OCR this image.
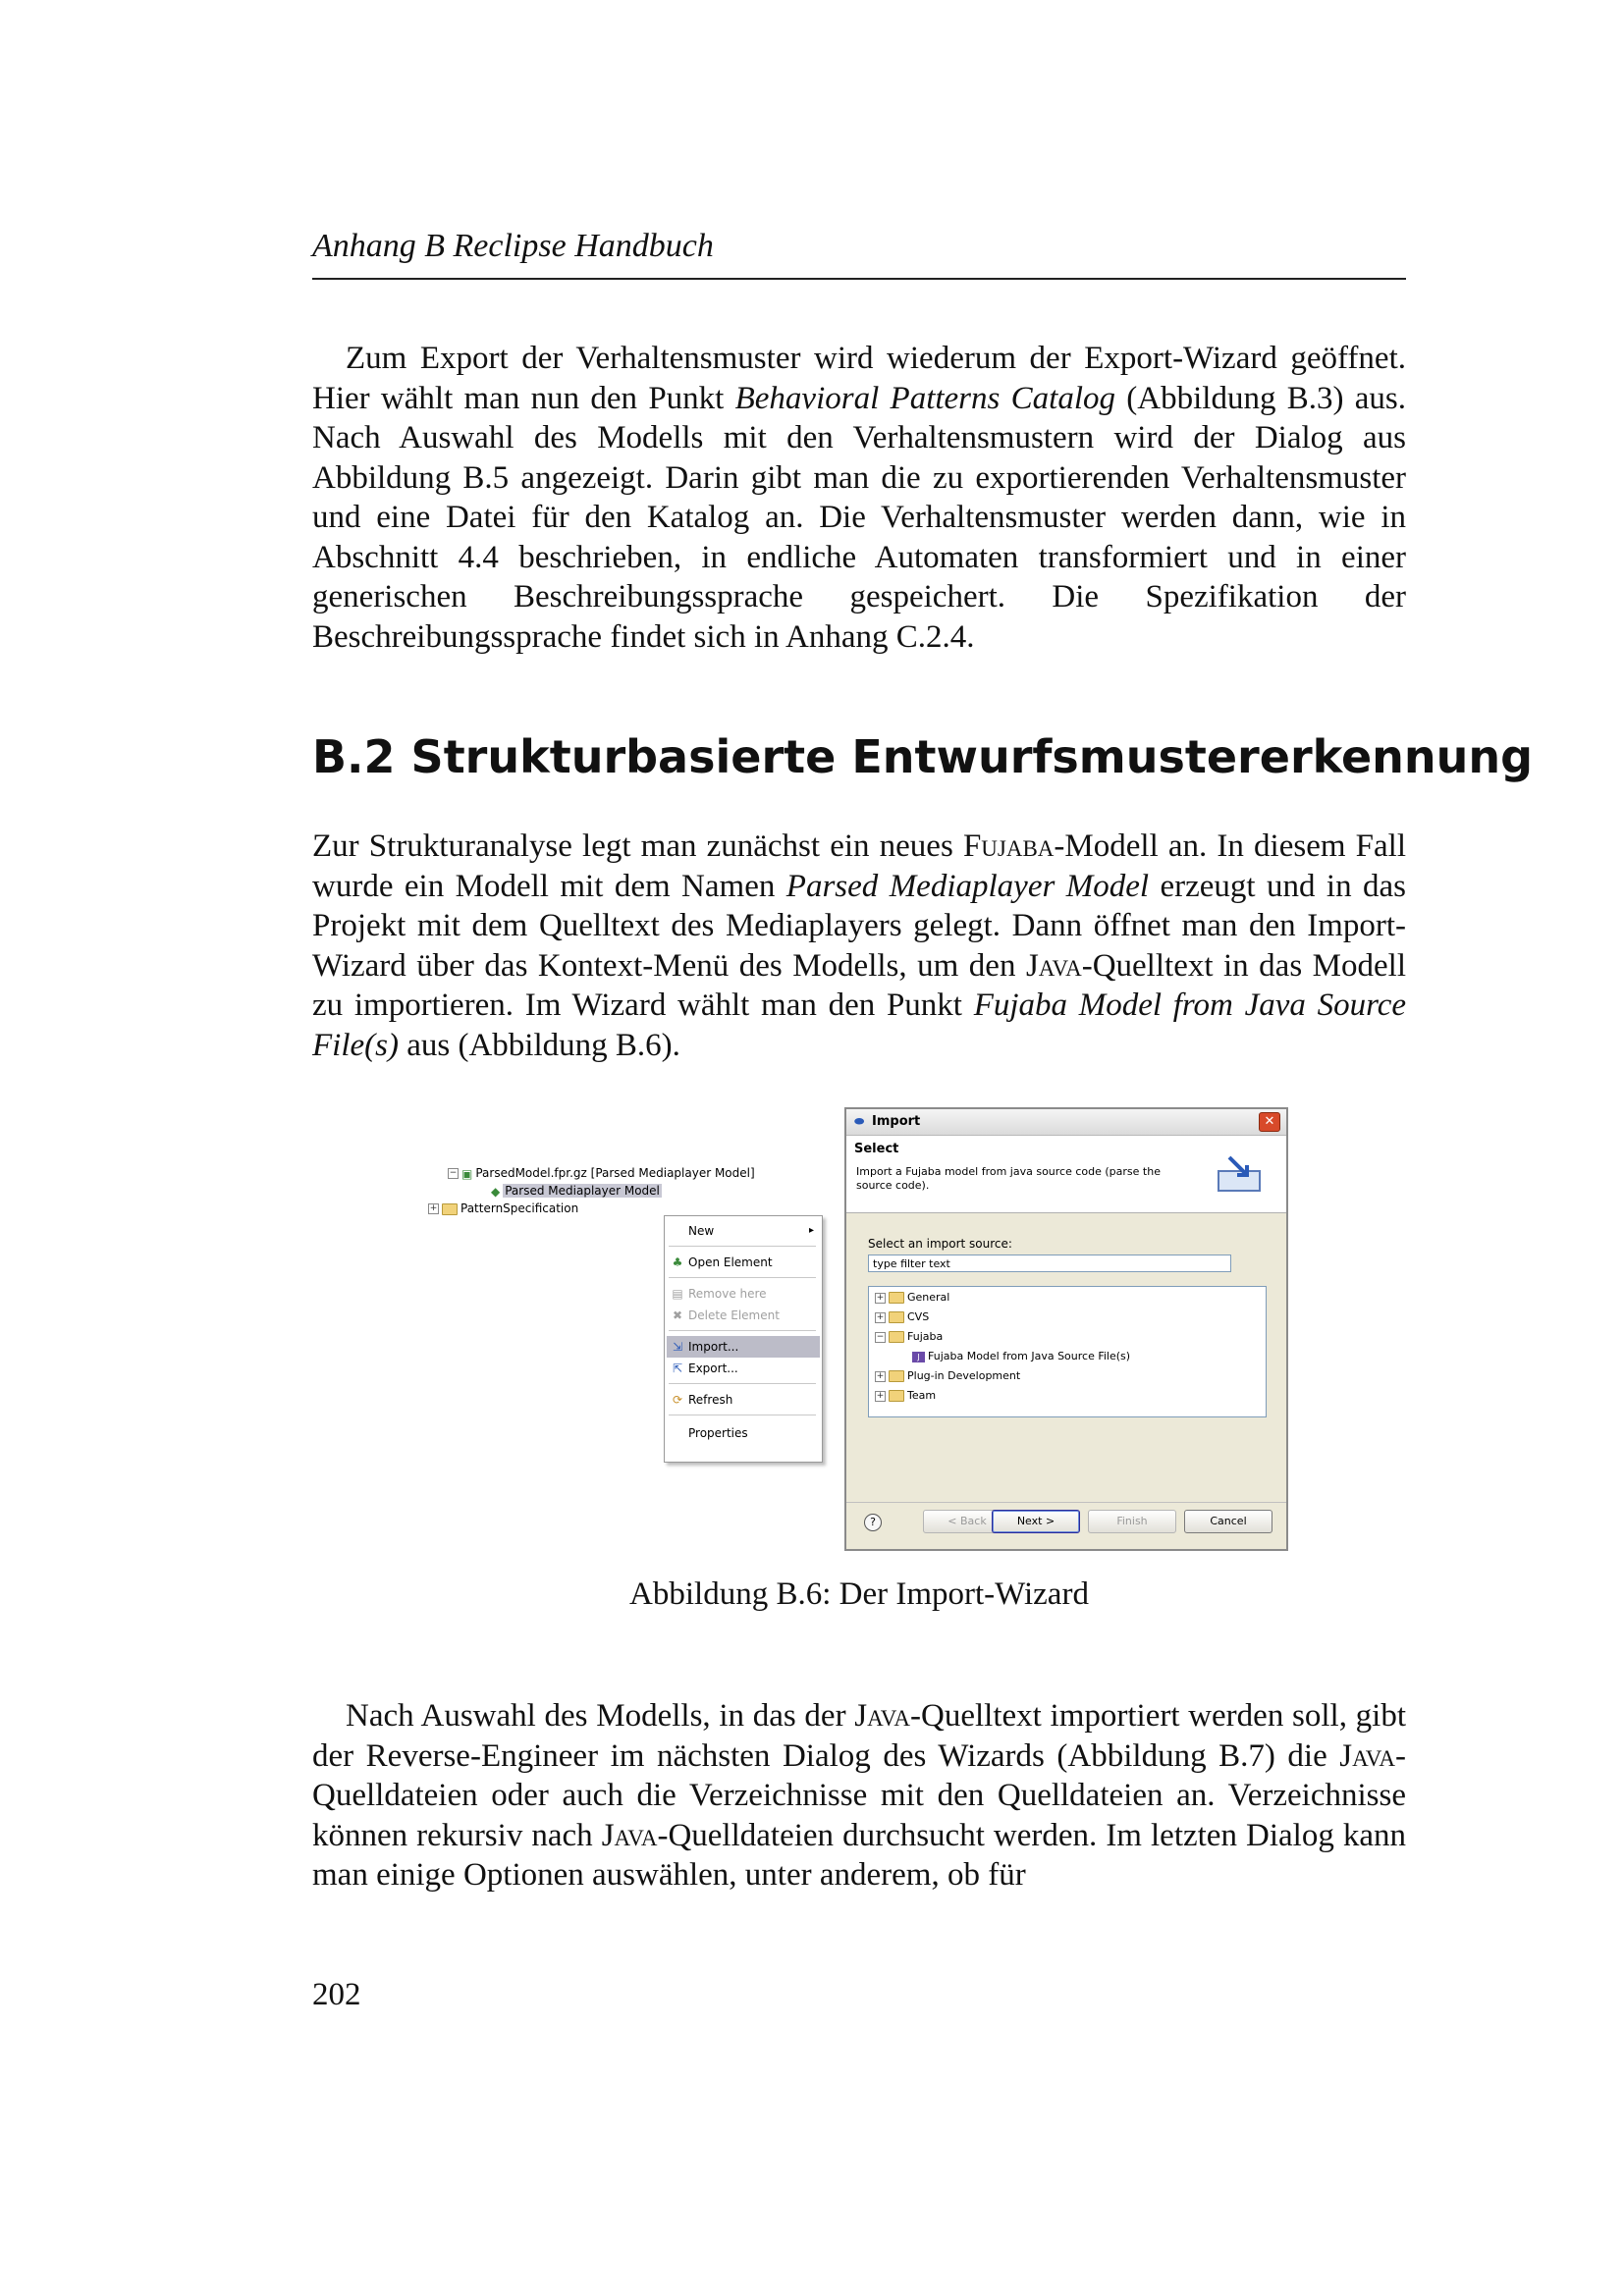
Anhang B Reclipse Handbuch

Zum Export der Verhaltensmuster wird wiederum der Export-Wizard geöffnet. Hier wählt man nun den Punkt Behavioral Patterns Catalog (Abbildung B.3) aus. Nach Auswahl des Modells mit den Verhaltensmustern wird der Dialog aus Abbildung B.5 angezeigt. Darin gibt man die zu exportierenden Verhaltensmuster und eine Datei für den Katalog an. Die Verhaltensmuster werden dann, wie in Abschnitt 4.4 beschrieben, in endliche Automaten transformiert und in einer generischen Beschreibungssprache gespeichert. Die Spezifikation der Beschreibungssprache findet sich in Anhang C.2.4.

B.2 Strukturbasierte Entwurfsmustererkennung

Zur Strukturanalyse legt man zunächst ein neues Fujaba-Modell an. In diesem Fall wurde ein Modell mit dem Namen Parsed Mediaplayer Model erzeugt und in das Projekt mit dem Quelltext des Mediaplayers gelegt. Dann öffnet man den Import-Wizard über das Kontext-Menü des Modells, um den Java-Quelltext in das Modell zu importieren. Im Wizard wählt man den Punkt Fujaba Model from Java Source File(s) aus (Abbildung B.6).

− ▣ ParsedModel.fpr.gz [Parsed Mediaplayer Model]
◆ Parsed Mediaplayer Model
+ PatternSpecification
New	▸
♣ Open Element
▤ Remove here
✖ Delete Element
⇲ Import...
⇱ Export...
⟳ Refresh
Properties
⬬ Import	✕
Select
Import a Fujaba model from java source code (parse the source code).
Select an import source:
type filter text
+ General
+ CVS
− Fujaba
J Fujaba Model from Java Source File(s)
+ Plug-in Development
+ Team
?	< Back	Next >	Finish	Cancel
Abbildung B.6: Der Import-Wizard

Nach Auswahl des Modells, in das der Java-Quelltext importiert werden soll, gibt der Reverse-Engineer im nächsten Dialog des Wizards (Abbildung B.7) die Java-Quelldateien oder auch die Verzeichnisse mit den Quelldateien an. Verzeichnisse können rekursiv nach Java-Quelldateien durchsucht werden. Im letzten Dialog kann man einige Optionen auswählen, unter anderem, ob für

202
